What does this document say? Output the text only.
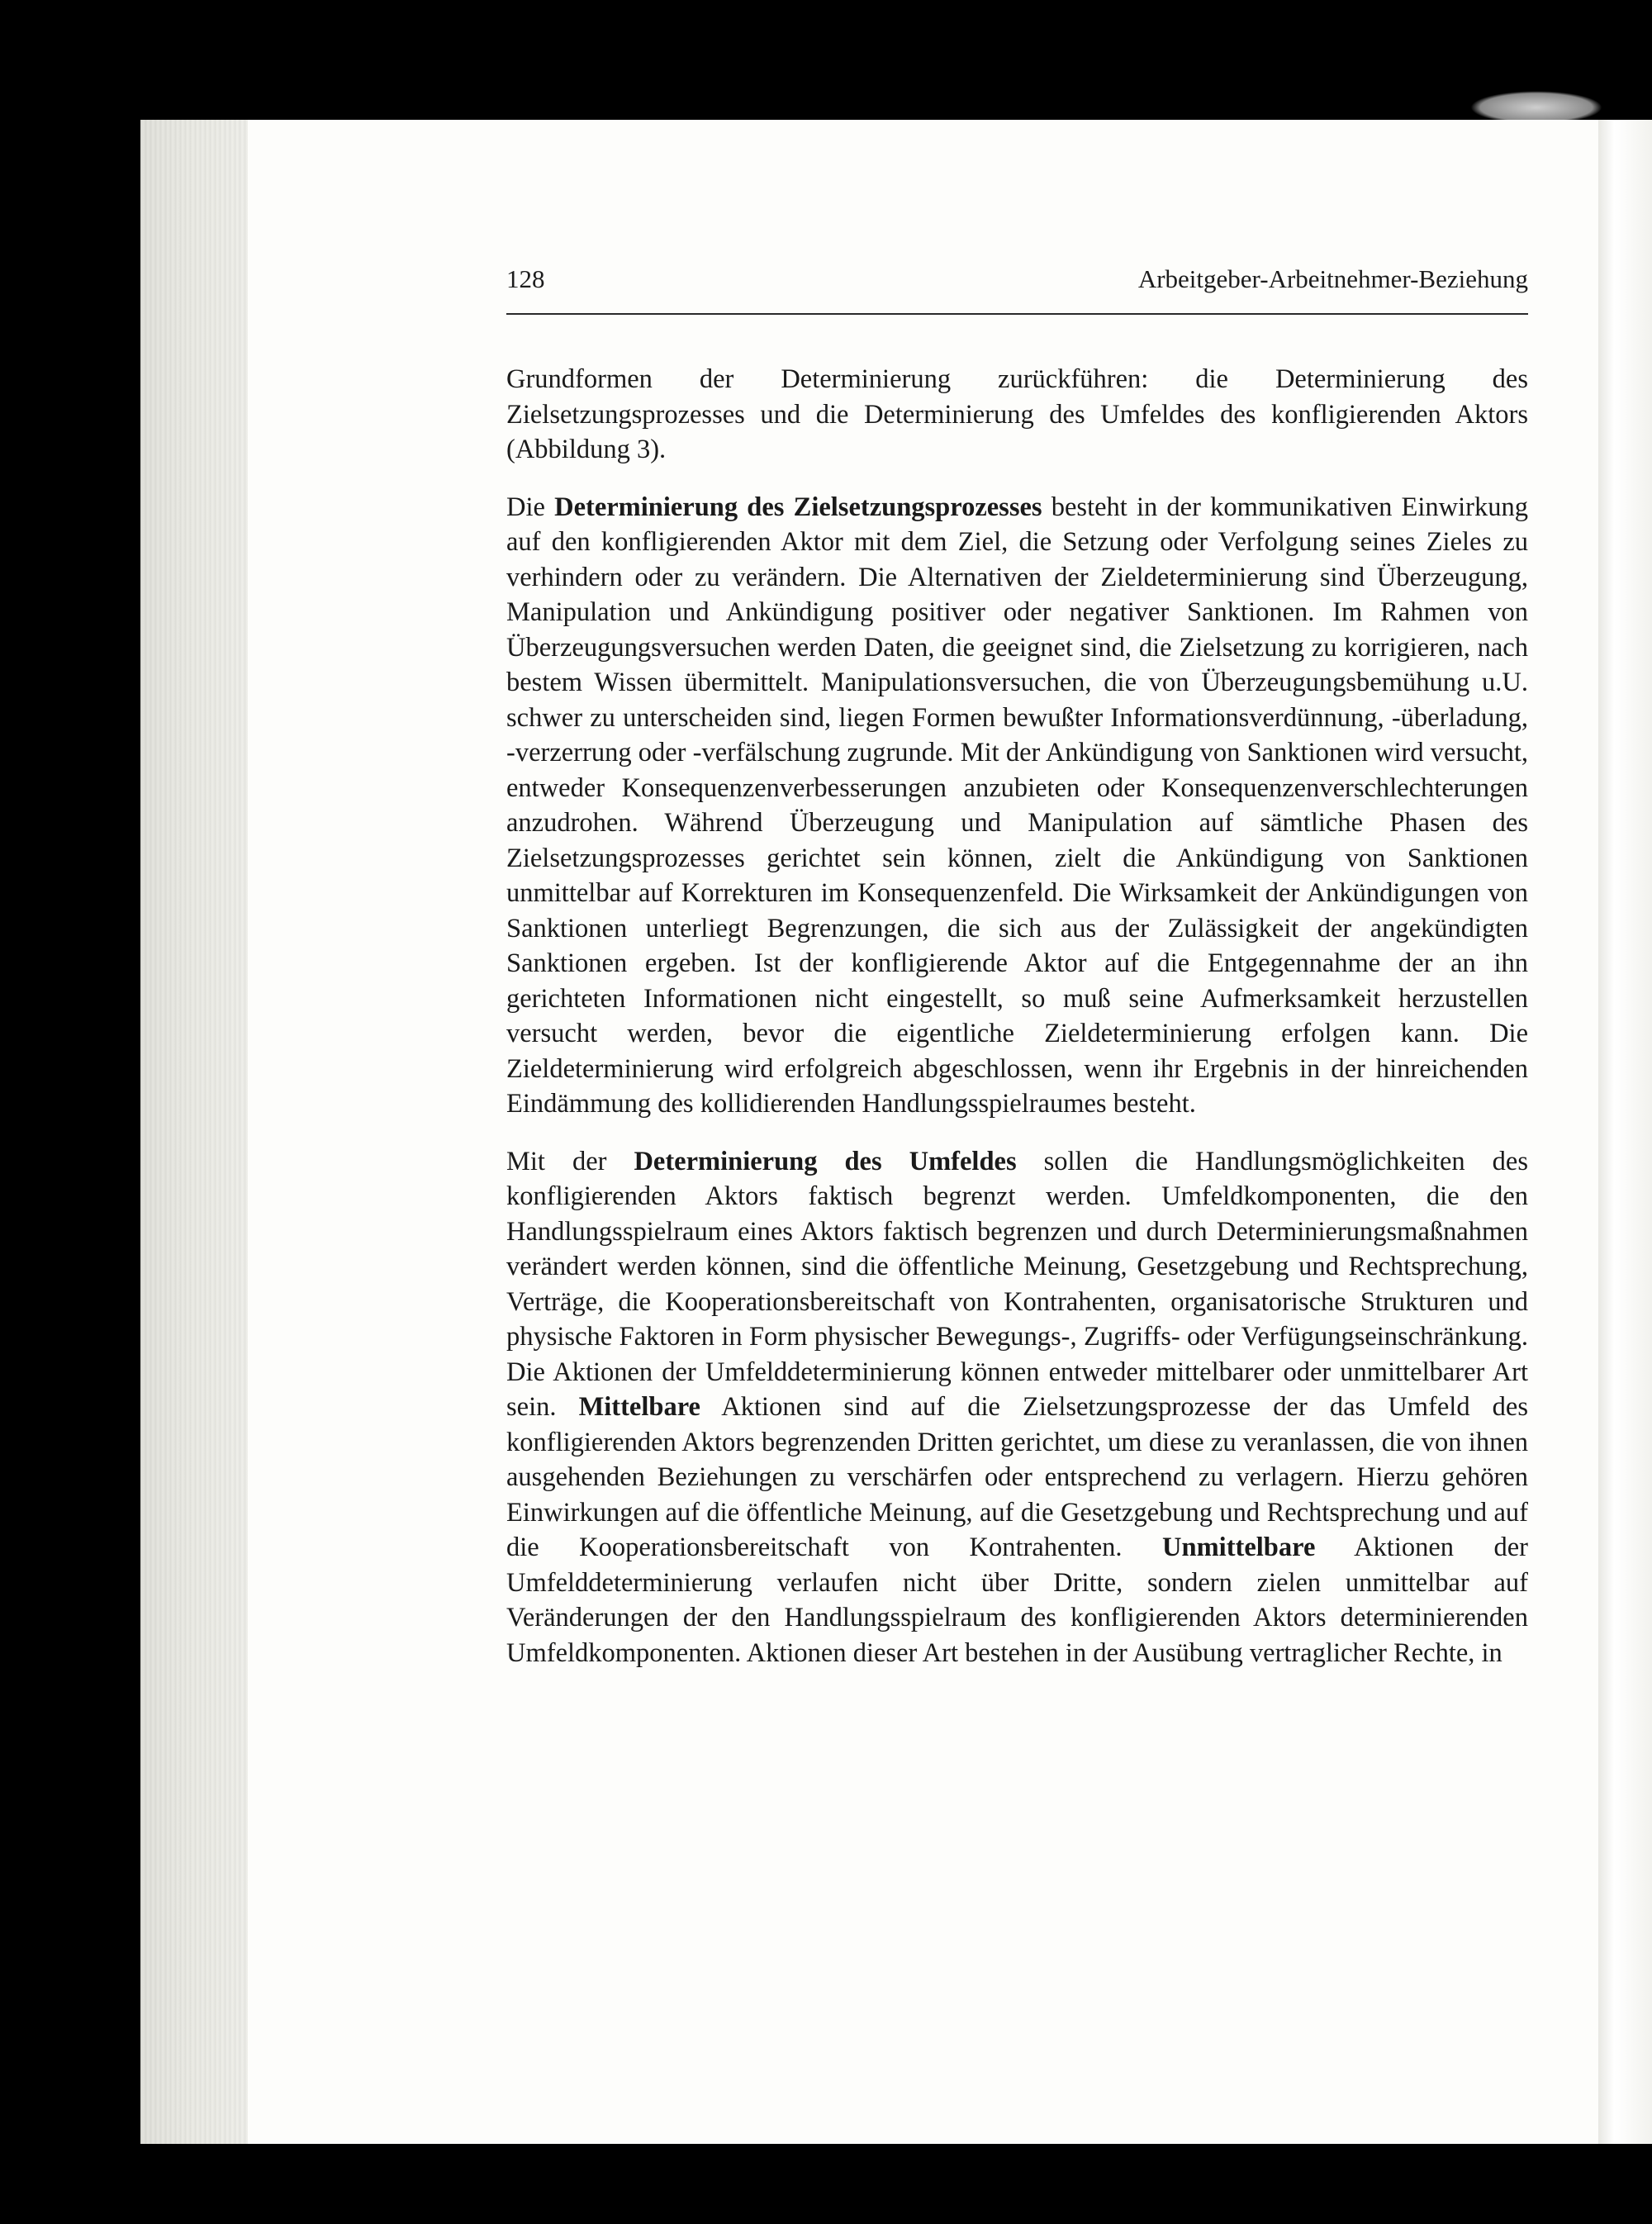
128	Arbeitgeber-Arbeitnehmer-Beziehung

Grundformen der Determinierung zurückführen: die Determinierung des Zielsetzungsprozesses und die Determinierung des Umfeldes des konfligierenden Aktors (Abbildung 3).

Die Determinierung des Zielsetzungsprozesses besteht in der kommunikativen Einwirkung auf den konfligierenden Aktor mit dem Ziel, die Setzung oder Verfolgung seines Zieles zu verhindern oder zu verändern. Die Alternativen der Zieldeterminierung sind Überzeugung, Manipulation und Ankündigung positiver oder negativer Sanktionen. Im Rahmen von Überzeugungsversuchen werden Daten, die geeignet sind, die Zielsetzung zu korrigieren, nach bestem Wissen übermittelt. Manipulationsversuchen, die von Überzeugungsbemühung u.U. schwer zu unterscheiden sind, liegen Formen bewußter Informationsverdünnung, -überladung, -verzerrung oder -verfälschung zugrunde. Mit der Ankündigung von Sanktionen wird versucht, entweder Konsequenzenverbesserungen anzubieten oder Konsequenzenverschlechterungen anzudrohen. Während Überzeugung und Manipulation auf sämtliche Phasen des Zielsetzungsprozesses gerichtet sein können, zielt die Ankündigung von Sanktionen unmittelbar auf Korrekturen im Konsequenzenfeld. Die Wirksamkeit der Ankündigungen von Sanktionen unterliegt Begrenzungen, die sich aus der Zulässigkeit der angekündigten Sanktionen ergeben. Ist der konfligierende Aktor auf die Entgegennahme der an ihn gerichteten Informationen nicht eingestellt, so muß seine Aufmerksamkeit herzustellen versucht werden, bevor die eigentliche Zieldeterminierung erfolgen kann. Die Zieldeterminierung wird erfolgreich abgeschlossen, wenn ihr Ergebnis in der hinreichenden Eindämmung des kollidierenden Handlungsspielraumes besteht.

Mit der Determinierung des Umfeldes sollen die Handlungsmöglichkeiten des konfligierenden Aktors faktisch begrenzt werden. Umfeldkomponenten, die den Handlungsspielraum eines Aktors faktisch begrenzen und durch Determinierungsmaßnahmen verändert werden können, sind die öffentliche Meinung, Gesetzgebung und Rechtsprechung, Verträge, die Kooperationsbereitschaft von Kontrahenten, organisatorische Strukturen und physische Faktoren in Form physischer Bewegungs-, Zugriffs- oder Verfügungseinschränkung. Die Aktionen der Umfelddeterminierung können entweder mittelbarer oder unmittelbarer Art sein. Mittelbare Aktionen sind auf die Zielsetzungsprozesse der das Umfeld des konfligierenden Aktors begrenzenden Dritten gerichtet, um diese zu veranlassen, die von ihnen ausgehenden Beziehungen zu verschärfen oder entsprechend zu verlagern. Hierzu gehören Einwirkungen auf die öffentliche Meinung, auf die Gesetzgebung und Rechtsprechung und auf die Kooperationsbereitschaft von Kontrahenten. Unmittelbare Aktionen der Umfelddeterminierung verlaufen nicht über Dritte, sondern zielen unmittelbar auf Veränderungen der den Handlungsspielraum des konfligierenden Aktors determinierenden Umfeldkomponenten. Aktionen dieser Art bestehen in der Ausübung vertraglicher Rechte, in
